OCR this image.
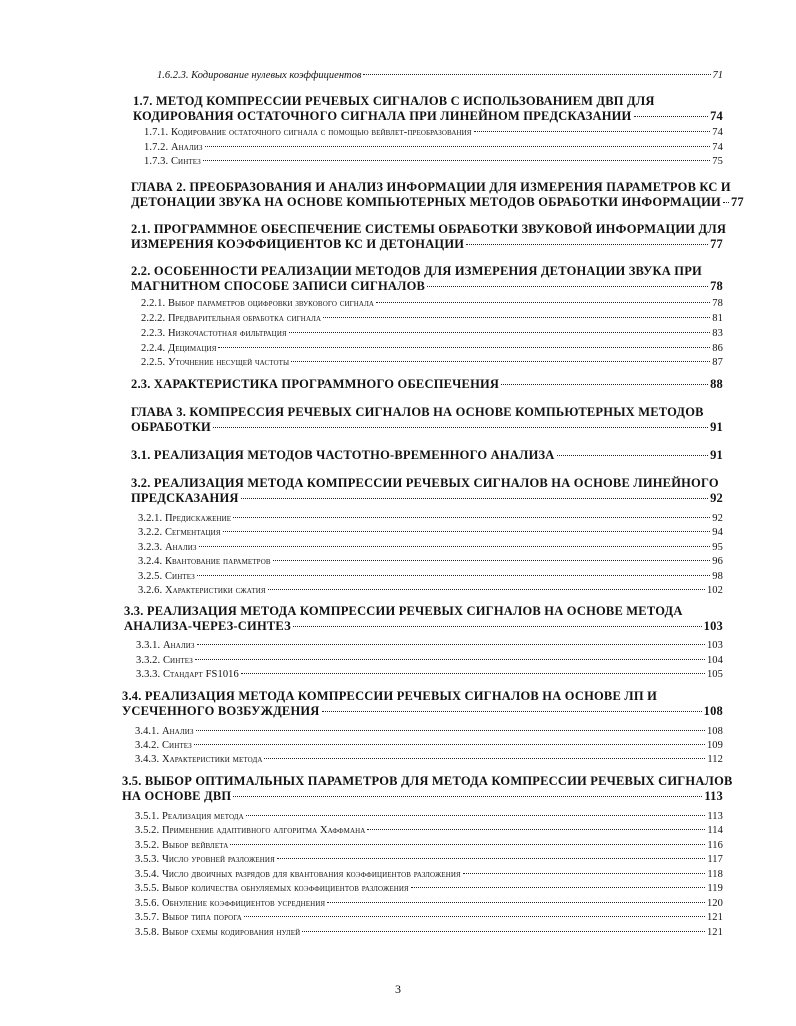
1.6.2.3. Кодирование нулевых коэффициентов	71
1.7. МЕТОД КОМПРЕССИИ РЕЧЕВЫХ СИГНАЛОВ С ИСПОЛЬЗОВАНИЕМ ДВП ДЛЯ
КОДИРОВАНИЯ ОСТАТОЧНОГО СИГНАЛА ПРИ ЛИНЕЙНОМ ПРЕДСКАЗАНИИ	74
1.7.1. Кодирование остаточного сигнала с помощью вейвлет-преобразования	74
1.7.2. Анализ	74
1.7.3. Синтез	75
ГЛАВА 2. ПРЕОБРАЗОВАНИЯ И АНАЛИЗ ИНФОРМАЦИИ ДЛЯ ИЗМЕРЕНИЯ ПАРАМЕТРОВ КС И
ДЕТОНАЦИИ ЗВУКА НА ОСНОВЕ КОМПЬЮТЕРНЫХ МЕТОДОВ ОБРАБОТКИ ИНФОРМАЦИИ 77
2.1. ПРОГРАММНОЕ ОБЕСПЕЧЕНИЕ СИСТЕМЫ ОБРАБОТКИ ЗВУКОВОЙ ИНФОРМАЦИИ ДЛЯ
ИЗМЕРЕНИЯ КОЭФФИЦИЕНТОВ КС И ДЕТОНАЦИИ	77
2.2. ОСОБЕННОСТИ РЕАЛИЗАЦИИ МЕТОДОВ ДЛЯ ИЗМЕРЕНИЯ ДЕТОНАЦИИ ЗВУКА ПРИ
МАГНИТНОМ СПОСОБЕ ЗАПИСИ СИГНАЛОВ	78
2.2.1. Выбор параметров оцифровки звукового сигнала	78
2.2.2. Предварительная обработка сигнала	81
2.2.3. Низкочастотная фильтрация	83
2.2.4. Децимация	86
2.2.5. Уточнение несущей частоты	87
2.3. ХАРАКТЕРИСТИКА ПРОГРАММНОГО ОБЕСПЕЧЕНИЯ	88
ГЛАВА 3. КОМПРЕССИЯ РЕЧЕВЫХ СИГНАЛОВ НА ОСНОВЕ КОМПЬЮТЕРНЫХ МЕТОДОВ
ОБРАБОТКИ	91
3.1. РЕАЛИЗАЦИЯ МЕТОДОВ ЧАСТОТНО-ВРЕМЕННОГО АНАЛИЗА	91
3.2. РЕАЛИЗАЦИЯ МЕТОДА КОМПРЕССИИ РЕЧЕВЫХ СИГНАЛОВ НА ОСНОВЕ ЛИНЕЙНОГО
ПРЕДСКАЗАНИЯ	92
3.2.1. Предискажение	92
3.2.2. Сегментация	94
3.2.3. Анализ	95
3.2.4. Квантование параметров	96
3.2.5. Синтез	98
3.2.6. Характеристики сжатия	102
3.3. РЕАЛИЗАЦИЯ МЕТОДА КОМПРЕССИИ РЕЧЕВЫХ СИГНАЛОВ НА ОСНОВЕ МЕТОДА
АНАЛИЗА-ЧЕРЕЗ-СИНТЕЗ	103
3.3.1. Анализ	103
3.3.2. Синтез	104
3.3.3. Стандарт FS1016	105
3.4. РЕАЛИЗАЦИЯ МЕТОДА КОМПРЕССИИ РЕЧЕВЫХ СИГНАЛОВ НА ОСНОВЕ ЛП И
УСЕЧЕННОГО ВОЗБУЖДЕНИЯ	108
3.4.1. Анализ	108
3.4.2. Синтез	109
3.4.3. Характеристики метода	112
3.5. ВЫБОР ОПТИМАЛЬНЫХ ПАРАМЕТРОВ ДЛЯ МЕТОДА КОМПРЕССИИ РЕЧЕВЫХ СИГНАЛОВ
НА ОСНОВЕ ДВП	113
3.5.1. Реализация метода	113
3.5.2. Применение адаптивного алгоритма Хаффмана	114
3.5.2. Выбор вейвлета	116
3.5.3. Число уровней разложения	117
3.5.4. Число двоичных разрядов для квантования коэффициентов разложения	118
3.5.5. Выбор количества обнуляемых коэффициентов разложения	119
3.5.6. Обнуление коэффициентов усреднения	120
3.5.7. Выбор типа порога	121
3.5.8. Выбор схемы кодирования нулей	121
3
